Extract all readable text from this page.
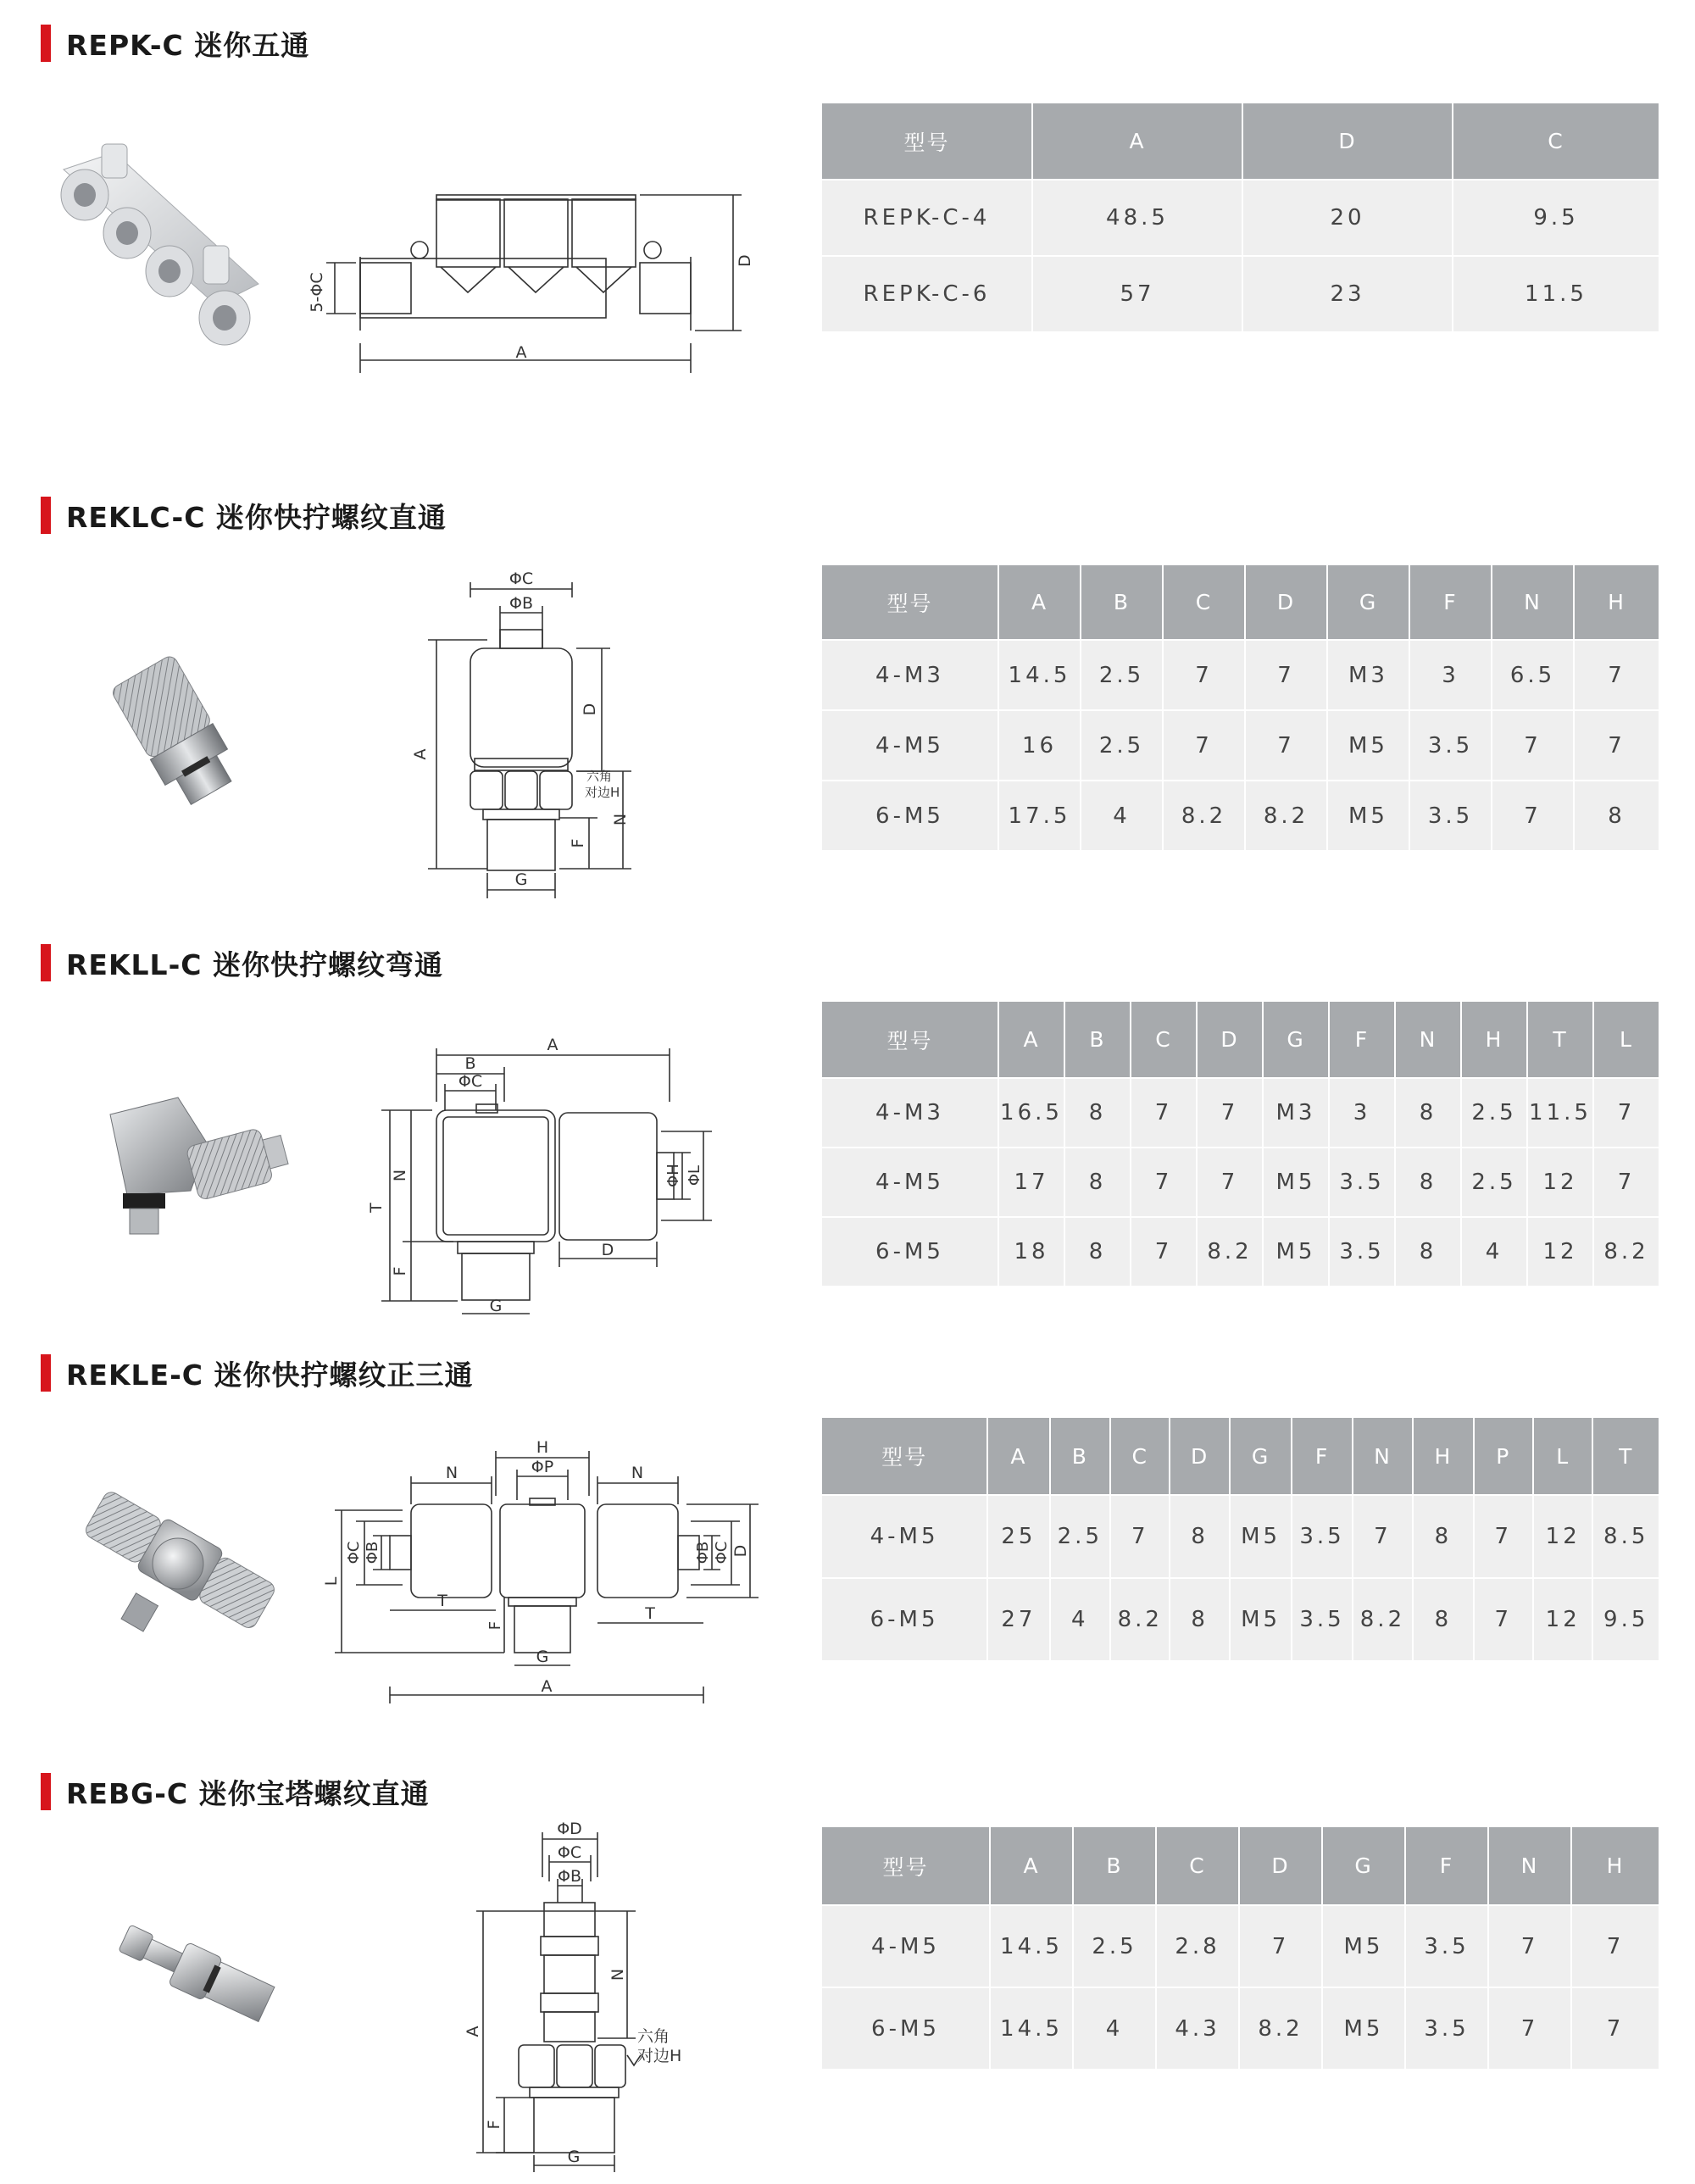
REPK-C 迷你五通
A
D
5-ΦC
型号	A	D	C
REPK-C-4	48.5	20	9.5
REPK-C-6	57	23	11.5
REKLC-C 迷你快拧螺纹直通
ΦC
ΦB
A
D
六角
对边H
N
F
G
型号	A	B	C	D	G	F	N	H
4-M3	14.5	2.5	7	7	M3	3	6.5	7
4-M5	16	2.5	7	7	M5	3.5	7	7
6-M5	17.5	4	8.2	8.2	M5	3.5	7	8
REKLL-C 迷你快拧螺纹弯通
A
B
ΦC
T
N
F
G
D
ΦH ΦL
型号	A	B	C	D	G	F	N	H	T	L
4-M3	16.5	8	7	7	M3	3	8	2.5	11.5	7
4-M5	17	8	7	7	M5	3.5	8	2.5	12	7
6-M5	18	8	7	8.2	M5	3.5	8	4	12	8.2
REKLE-C 迷你快拧螺纹正三通
H
ΦP
N	N
L
ΦC ΦB	ΦB ΦC D
T
T
F
G
A
型号	A	B	C	D	G	F	N	H	P	L	T
4-M5	25	2.5	7	8	M5	3.5	7	8	7	12	8.5
6-M5	27	4	8.2	8	M5	3.5	8.2	8	7	12	9.5
REBG-C 迷你宝塔螺纹直通
ΦD
ΦC
ΦB
N
A	六角
对边H
F
G
型号	A	B	C	D	G	F	N	H
4-M5	14.5	2.5	2.8	7	M5	3.5	7	7
6-M5	14.5	4	4.3	8.2	M5	3.5	7	7
